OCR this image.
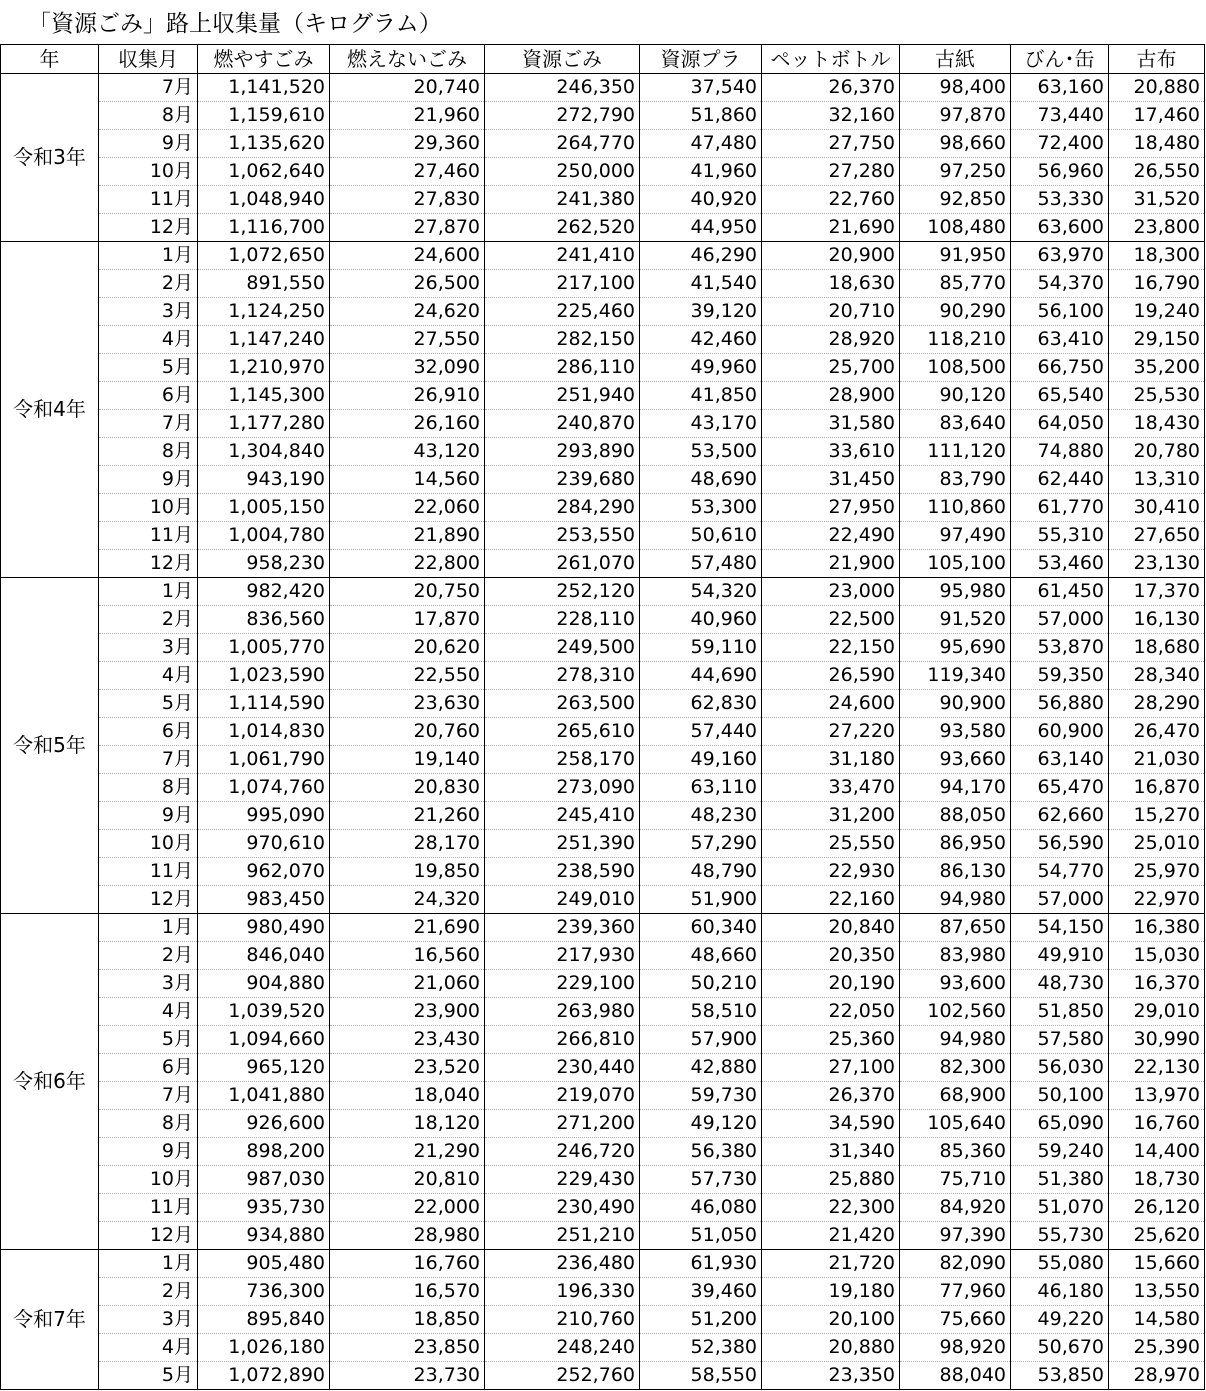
「資源ごみ」路上収集量（キログラム）
年	収集月	燃やすごみ	燃えないごみ	資源ごみ	資源プラ	ペットボトル	古紙	びん･缶	古布
令和3年	7月	1,141,520	20,740	246,350	37,540	26,370	98,400	63,160	20,880
	8月	1,159,610	21,960	272,790	51,860	32,160	97,870	73,440	17,460
	9月	1,135,620	29,360	264,770	47,480	27,750	98,660	72,400	18,480
	10月	1,062,640	27,460	250,000	41,960	27,280	97,250	56,960	26,550
	11月	1,048,940	27,830	241,380	40,920	22,760	92,850	53,330	31,520
	12月	1,116,700	27,870	262,520	44,950	21,690	108,480	63,600	23,800
令和4年	1月	1,072,650	24,600	241,410	46,290	20,900	91,950	63,970	18,300
	2月	891,550	26,500	217,100	41,540	18,630	85,770	54,370	16,790
	3月	1,124,250	24,620	225,460	39,120	20,710	90,290	56,100	19,240
	4月	1,147,240	27,550	282,150	42,460	28,920	118,210	63,410	29,150
	5月	1,210,970	32,090	286,110	49,960	25,700	108,500	66,750	35,200
	6月	1,145,300	26,910	251,940	41,850	28,900	90,120	65,540	25,530
	7月	1,177,280	26,160	240,870	43,170	31,580	83,640	64,050	18,430
	8月	1,304,840	43,120	293,890	53,500	33,610	111,120	74,880	20,780
	9月	943,190	14,560	239,680	48,690	31,450	83,790	62,440	13,310
	10月	1,005,150	22,060	284,290	53,300	27,950	110,860	61,770	30,410
	11月	1,004,780	21,890	253,550	50,610	22,490	97,490	55,310	27,650
	12月	958,230	22,800	261,070	57,480	21,900	105,100	53,460	23,130
令和5年	1月	982,420	20,750	252,120	54,320	23,000	95,980	61,450	17,370
	2月	836,560	17,870	228,110	40,960	22,500	91,520	57,000	16,130
	3月	1,005,770	20,620	249,500	59,110	22,150	95,690	53,870	18,680
	4月	1,023,590	22,550	278,310	44,690	26,590	119,340	59,350	28,340
	5月	1,114,590	23,630	263,500	62,830	24,600	90,900	56,880	28,290
	6月	1,014,830	20,760	265,610	57,440	27,220	93,580	60,900	26,470
	7月	1,061,790	19,140	258,170	49,160	31,180	93,660	63,140	21,030
	8月	1,074,760	20,830	273,090	63,110	33,470	94,170	65,470	16,870
	9月	995,090	21,260	245,410	48,230	31,200	88,050	62,660	15,270
	10月	970,610	28,170	251,390	57,290	25,550	86,950	56,590	25,010
	11月	962,070	19,850	238,590	48,790	22,930	86,130	54,770	25,970
	12月	983,450	24,320	249,010	51,900	22,160	94,980	57,000	22,970
令和6年	1月	980,490	21,690	239,360	60,340	20,840	87,650	54,150	16,380
	2月	846,040	16,560	217,930	48,660	20,350	83,980	49,910	15,030
	3月	904,880	21,060	229,100	50,210	20,190	93,600	48,730	16,370
	4月	1,039,520	23,900	263,980	58,510	22,050	102,560	51,850	29,010
	5月	1,094,660	23,430	266,810	57,900	25,360	94,980	57,580	30,990
	6月	965,120	23,520	230,440	42,880	27,100	82,300	56,030	22,130
	7月	1,041,880	18,040	219,070	59,730	26,370	68,900	50,100	13,970
	8月	926,600	18,120	271,200	49,120	34,590	105,640	65,090	16,760
	9月	898,200	21,290	246,720	56,380	31,340	85,360	59,240	14,400
	10月	987,030	20,810	229,430	57,730	25,880	75,710	51,380	18,730
	11月	935,730	22,000	230,490	46,080	22,300	84,920	51,070	26,120
	12月	934,880	28,980	251,210	51,050	21,420	97,390	55,730	25,620
令和7年	1月	905,480	16,760	236,480	61,930	21,720	82,090	55,080	15,660
	2月	736,300	16,570	196,330	39,460	19,180	77,960	46,180	13,550
	3月	895,840	18,850	210,760	51,200	20,100	75,660	49,220	14,580
	4月	1,026,180	23,850	248,240	52,380	20,880	98,920	50,670	25,390
	5月	1,072,890	23,730	252,760	58,550	23,350	88,040	53,850	28,970
